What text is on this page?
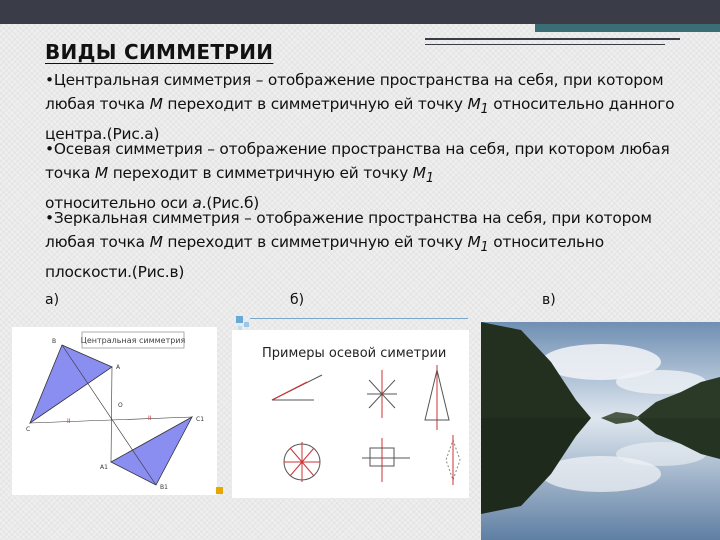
ВИДЫ СИММЕТРИИ
•Центральная симметрия – отображение пространства на себя, при котором любая точка M переходит в симметричную ей точку $M_1$ относительно данного центра.(Рис.а)
•Осевая симметрия – отображение пространства на себя, при котором любая точка M переходит в симметричную ей точку $M_1$
относительно оси а.(Рис.б)
•Зеркальная симметрия – отображение пространства на себя, при котором любая точка M переходит в симметричную ей точку $M_1$ относительно плоскости.(Рис.в)
а)	б)	в)
Центральная симметрия
B
A
C
O
C1
A1
B1
II	II
Примеры осевой симетрии
